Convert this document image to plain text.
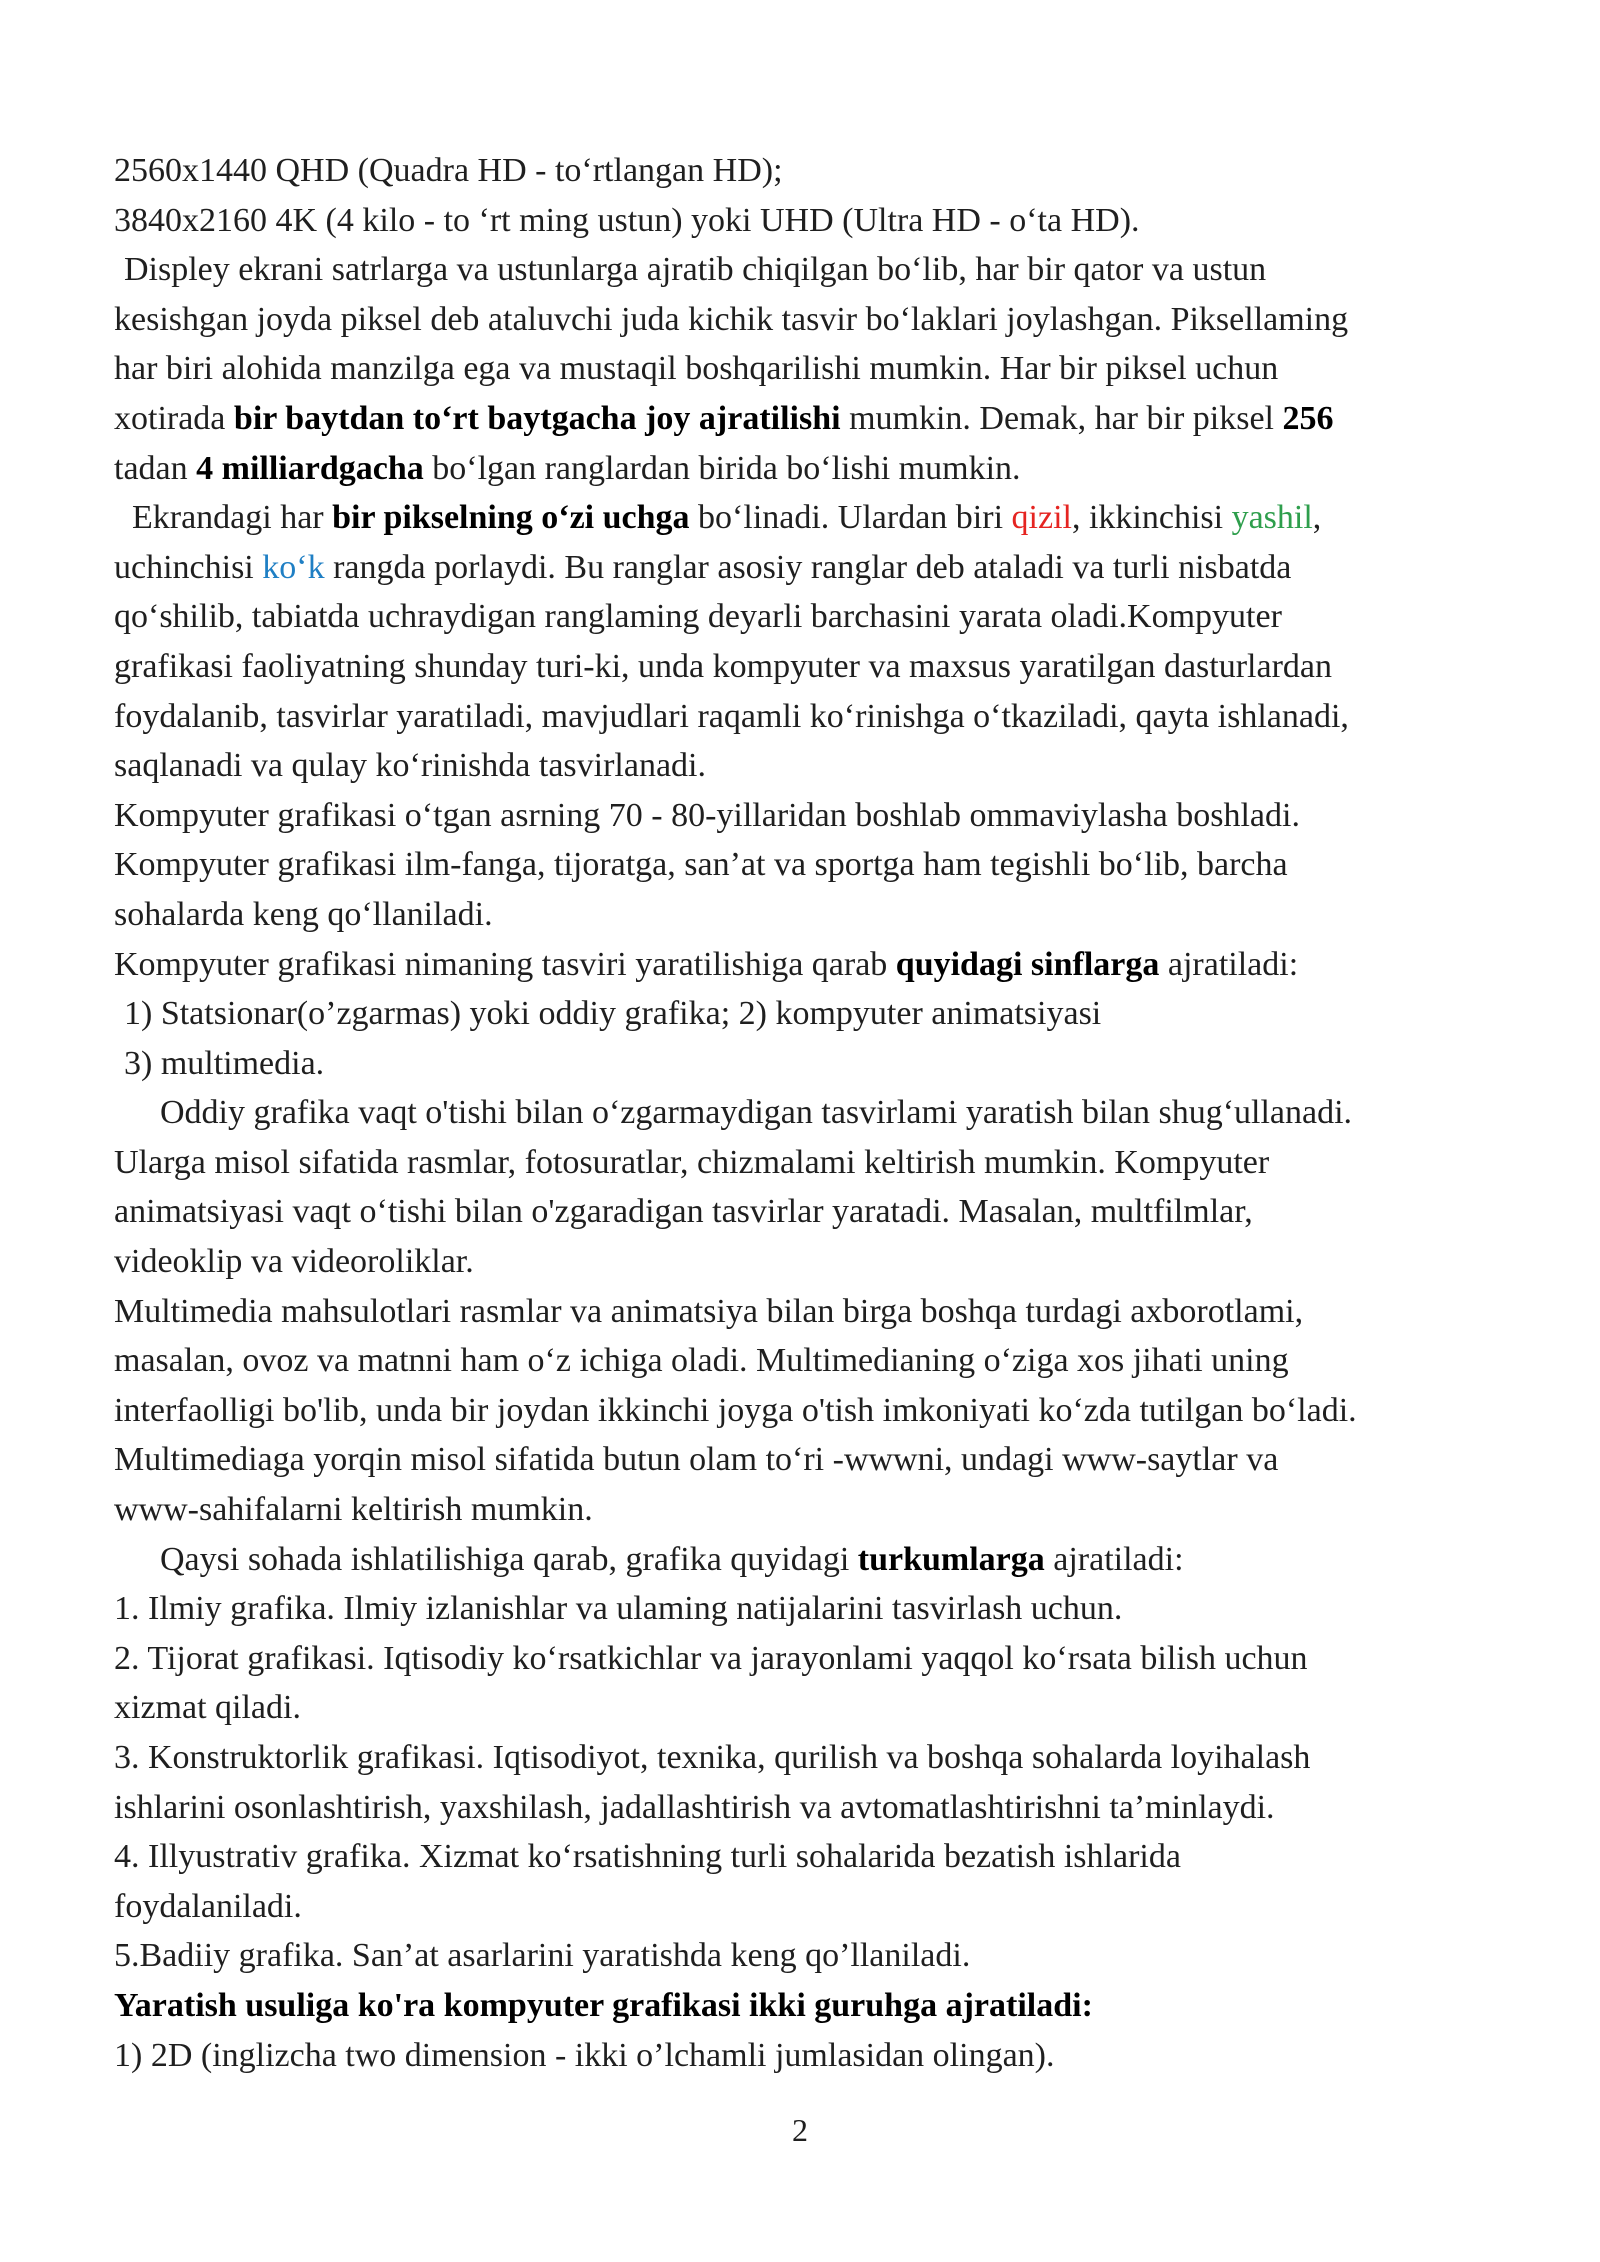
2560x1440 QHD (Quadra HD - to‘rtlangan HD);
3840x2160 4K (4 kilo - to ‘rt ming ustun) yoki UHD (Ultra HD - o‘ta HD).
Displey ekrani satrlarga va ustunlarga ajratib chiqilgan bo‘lib, har bir qator va ustun
kesishgan joyda piksel deb ataluvchi juda kichik tasvir bo‘laklari joylashgan. Piksellaming
har biri alohida manzilga ega va mustaqil boshqarilishi mumkin. Har bir piksel uchun
xotirada bir baytdan to‘rt baytgacha joy ajratilishi mumkin. Demak, har bir piksel 256
tadan 4 milliardgacha bo‘lgan ranglardan birida bo‘lishi mumkin.
Ekrandagi har bir pikselning o‘zi uchga bo‘linadi. Ulardan biri qizil, ikkinchisi yashil,
uchinchisi ko‘k rangda porlaydi. Bu ranglar asosiy ranglar deb ataladi va turli nisbatda
qo‘shilib, tabiatda uchraydigan ranglaming deyarli barchasini yarata oladi.Kompyuter
grafikasi faoliyatning shunday turi-ki, unda kompyuter va maxsus yaratilgan dasturlardan
foydalanib, tasvirlar yaratiladi, mavjudlari raqamli ko‘rinishga o‘tkaziladi, qayta ishlanadi,
saqlanadi va qulay ko‘rinishda tasvirlanadi.
Kompyuter grafikasi o‘tgan asrning 70 - 80-yillaridan boshlab ommaviylasha boshladi.
Kompyuter grafikasi ilm-fanga, tijoratga, san’at va sportga ham tegishli bo‘lib, barcha
sohalarda keng qo‘llaniladi.
Kompyuter grafikasi nimaning tasviri yaratilishiga qarab quyidagi sinflarga ajratiladi:
1) Statsionar(o’zgarmas) yoki oddiy grafika; 2) kompyuter animatsiyasi
3) multimedia.
Oddiy grafika vaqt o'tishi bilan o‘zgarmaydigan tasvirlami yaratish bilan shug‘ullanadi.
Ularga misol sifatida rasmlar, fotosuratlar, chizmalami keltirish mumkin. Kompyuter
animatsiyasi vaqt o‘tishi bilan o'zgaradigan tasvirlar yaratadi. Masalan, multfilmlar,
videoklip va videoroliklar.
Multimedia mahsulotlari rasmlar va animatsiya bilan birga boshqa turdagi axborotlami,
masalan, ovoz va matnni ham o‘z ichiga oladi. Multimedianing o‘ziga xos jihati uning
interfaolligi bo'lib, unda bir joydan ikkinchi joyga o'tish imkoniyati ko‘zda tutilgan bo‘ladi.
Multimediaga yorqin misol sifatida butun olam to‘ri -wwwni, undagi www-saytlar va
www-sahifalarni keltirish mumkin.
Qaysi sohada ishlatilishiga qarab, grafika quyidagi turkumlarga ajratiladi:
1. Ilmiy grafika. Ilmiy izlanishlar va ulaming natijalarini tasvirlash uchun.
2. Tijorat grafikasi. Iqtisodiy ko‘rsatkichlar va jarayonlami yaqqol ko‘rsata bilish uchun
xizmat qiladi.
3. Konstruktorlik grafikasi. Iqtisodiyot, texnika, qurilish va boshqa sohalarda loyihalash
ishlarini osonlashtirish, yaxshilash, jadallashtirish va avtomatlashtirishni ta’minlaydi.
4. Illyustrativ grafika. Xizmat ko‘rsatishning turli sohalarida bezatish ishlarida
foydalaniladi.
5.Badiiy grafika. San’at asarlarini yaratishda keng qo’llaniladi.
Yaratish usuliga ko'ra kompyuter grafikasi ikki guruhga ajratiladi:
1) 2D (inglizcha two dimension - ikki o’lchamli jumlasidan olingan).
2
